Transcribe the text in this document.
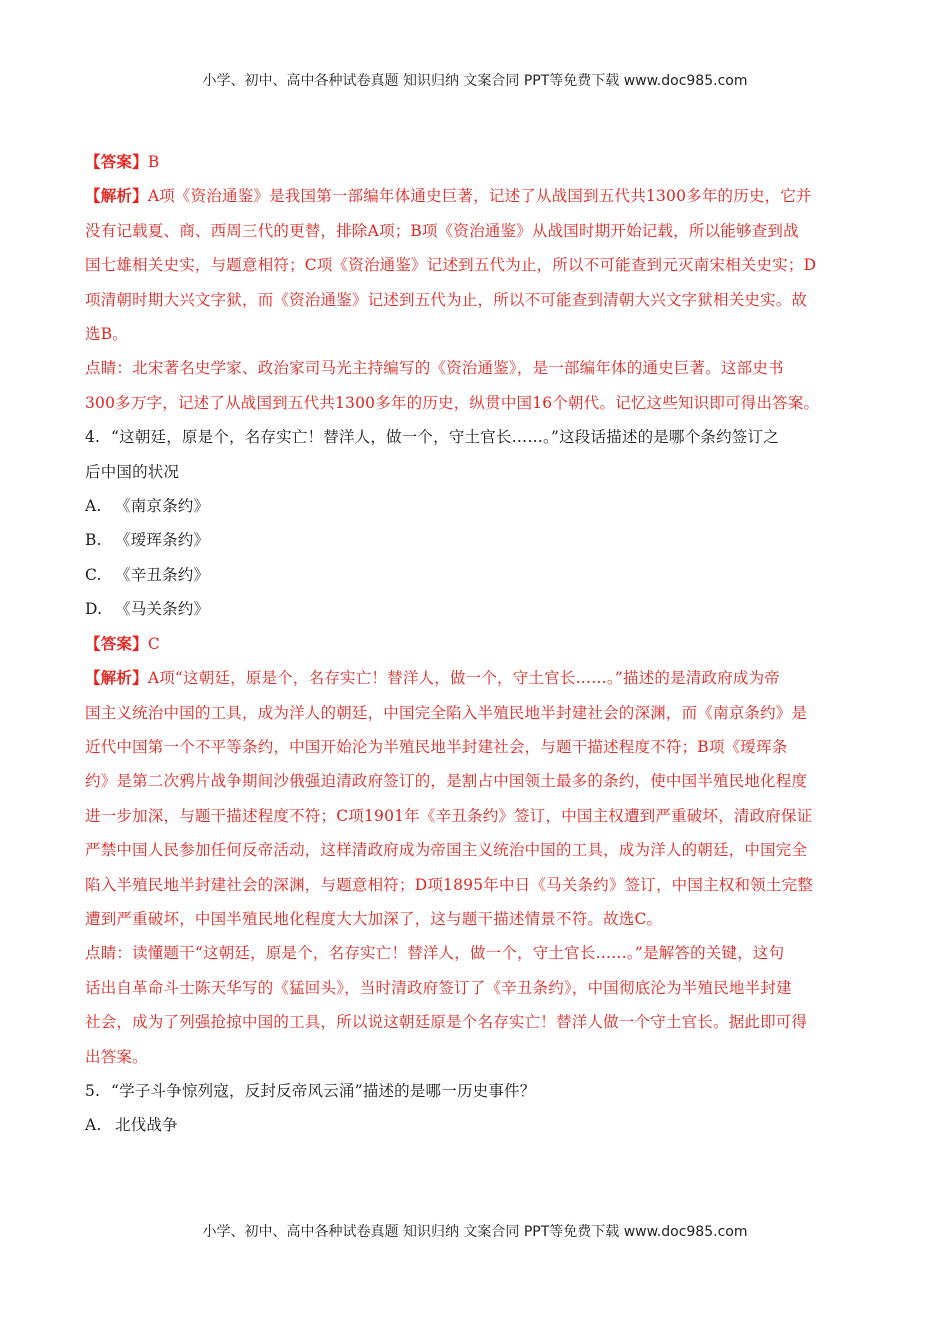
小学、初中、高中各种试卷真题 知识归纳 文案合同 PPT等免费下载 www.doc985.com
【答案】B
【解析】A项《资治通鉴》是我国第一部编年体通史巨著，记述了从战国到五代共1300多年的历史，它并
没有记载夏、商、西周三代的更替，排除A项；B项《资治通鉴》从战国时期开始记载，所以能够查到战
国七雄相关史实，与题意相符；C项《资治通鉴》记述到五代为止，所以不可能查到元灭南宋相关史实；D
项清朝时期大兴文字狱，而《资治通鉴》记述到五代为止，所以不可能查到清朝大兴文字狱相关史实。故
选B。
点睛：北宋著名史学家、政治家司马光主持编写的《资治通鉴》，是一部编年体的通史巨著。这部史书
300多万字，记述了从战国到五代共1300多年的历史，纵贯中国16个朝代。记忆这些知识即可得出答案。
4. “这朝廷，原是个，名存实亡！替洋人，做一个，守土官长……。”这段话描述的是哪个条约签订之
后中国的状况
A. 《南京条约》
B. 《瑷珲条约》
C. 《辛丑条约》
D. 《马关条约》
【答案】C
【解析】A项“这朝廷，原是个，名存实亡！替洋人，做一个，守土官长……。”描述的是清政府成为帝
国主义统治中国的工具，成为洋人的朝廷，中国完全陷入半殖民地半封建社会的深渊，而《南京条约》是
近代中国第一个不平等条约，中国开始沦为半殖民地半封建社会，与题干描述程度不符；B项《瑷珲条
约》是第二次鸦片战争期间沙俄强迫清政府签订的，是割占中国领土最多的条约，使中国半殖民地化程度
进一步加深，与题干描述程度不符；C项1901年《辛丑条约》签订，中国主权遭到严重破坏，清政府保证
严禁中国人民参加任何反帝活动，这样清政府成为帝国主义统治中国的工具，成为洋人的朝廷，中国完全
陷入半殖民地半封建社会的深渊，与题意相符；D项1895年中日《马关条约》签订，中国主权和领土完整
遭到严重破坏，中国半殖民地化程度大大加深了，这与题干描述情景不符。故选C。
点睛：读懂题干“这朝廷，原是个，名存实亡！替洋人，做一个，守土官长……。”是解答的关键，这句
话出自革命斗士陈天华写的《猛回头》，当时清政府签订了《辛丑条约》，中国彻底沦为半殖民地半封建
社会，成为了列强抢掠中国的工具，所以说这朝廷原是个名存实亡！替洋人做一个守土官长。据此即可得
出答案。
5. “学子斗争惊列寇，反封反帝风云涌”描述的是哪一历史事件？
A. 北伐战争
小学、初中、高中各种试卷真题 知识归纳 文案合同 PPT等免费下载 www.doc985.com
